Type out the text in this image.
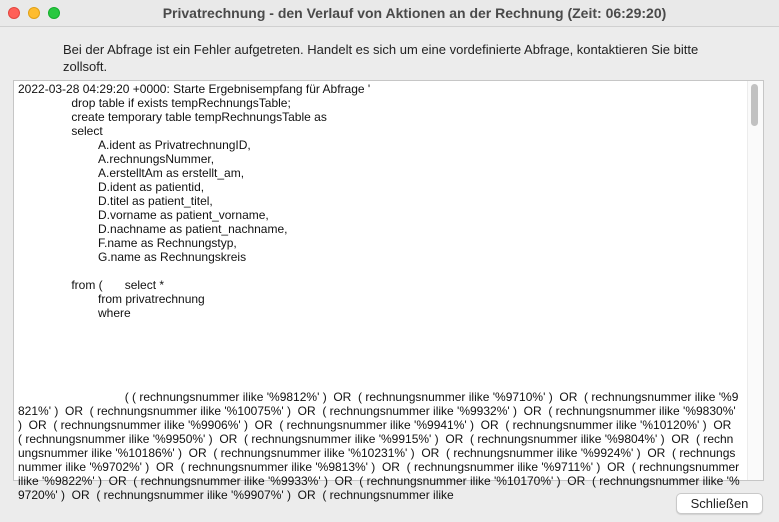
Privatrechnung - den Verlauf von Aktionen an der Rechnung (Zeit: 06:29:20)
Bei der Abfrage ist ein Fehler aufgetreten. Handelt es sich um eine vordefinierte Abfrage, kontaktieren Sie bitte zollsoft.
2022-03-28 04:29:20 +0000: Starte Ergebnisempfang für Abfrage '
		drop table if exists tempRechnungsTable;
		create temporary table tempRechnungsTable as
		select
			A.ident as PrivatrechnungID,
			A.rechnungsNummer,
			A.erstelltAm as erstellt_am,
			D.ident as patientid,
			D.titel as patient_titel,
			D.vorname as patient_vorname,
			D.nachname as patient_nachname,
			F.name as Rechnungstyp,
			G.name as Rechnungskreis

		from (	select *
			from privatrechnung
			where

				( ( rechnungsnummer ilike '%9812%' )  OR  ( rechnungsnummer ilike '%9710%' )  OR  ( rechnungsnummer ilike '%9821%' )  OR  ( rechnungsnummer ilike '%10075%' )  OR  ( rechnungsnummer ilike '%9932%' )  OR  ( rechnungsnummer ilike '%9830%' )  OR  ( rechnungsnummer ilike '%9906%' )  OR  ( rechnungsnummer ilike '%9941%' )  OR  ( rechnungsnummer ilike '%10120%' )  OR  ( rechnungsnummer ilike '%9950%' )  OR  ( rechnungsnummer ilike '%9915%' )  OR  ( rechnungsnummer ilike '%9804%' )  OR  ( rechnungsnummer ilike '%10186%' )  OR  ( rechnungsnummer ilike '%10231%' )  OR  ( rechnungsnummer ilike '%9924%' )  OR  ( rechnungsnummer ilike '%9702%' )  OR  ( rechnungsnummer ilike '%9813%' )  OR  ( rechnungsnummer ilike '%9711%' )  OR  ( rechnungsnummer ilike '%9822%' )  OR  ( rechnungsnummer ilike '%9933%' )  OR  ( rechnungsnummer ilike '%10170%' )  OR  ( rechnungsnummer ilike '%9720%' )  OR  ( rechnungsnummer ilike '%9907%' )  OR  ( rechnungsnummer ilike
Schließen
